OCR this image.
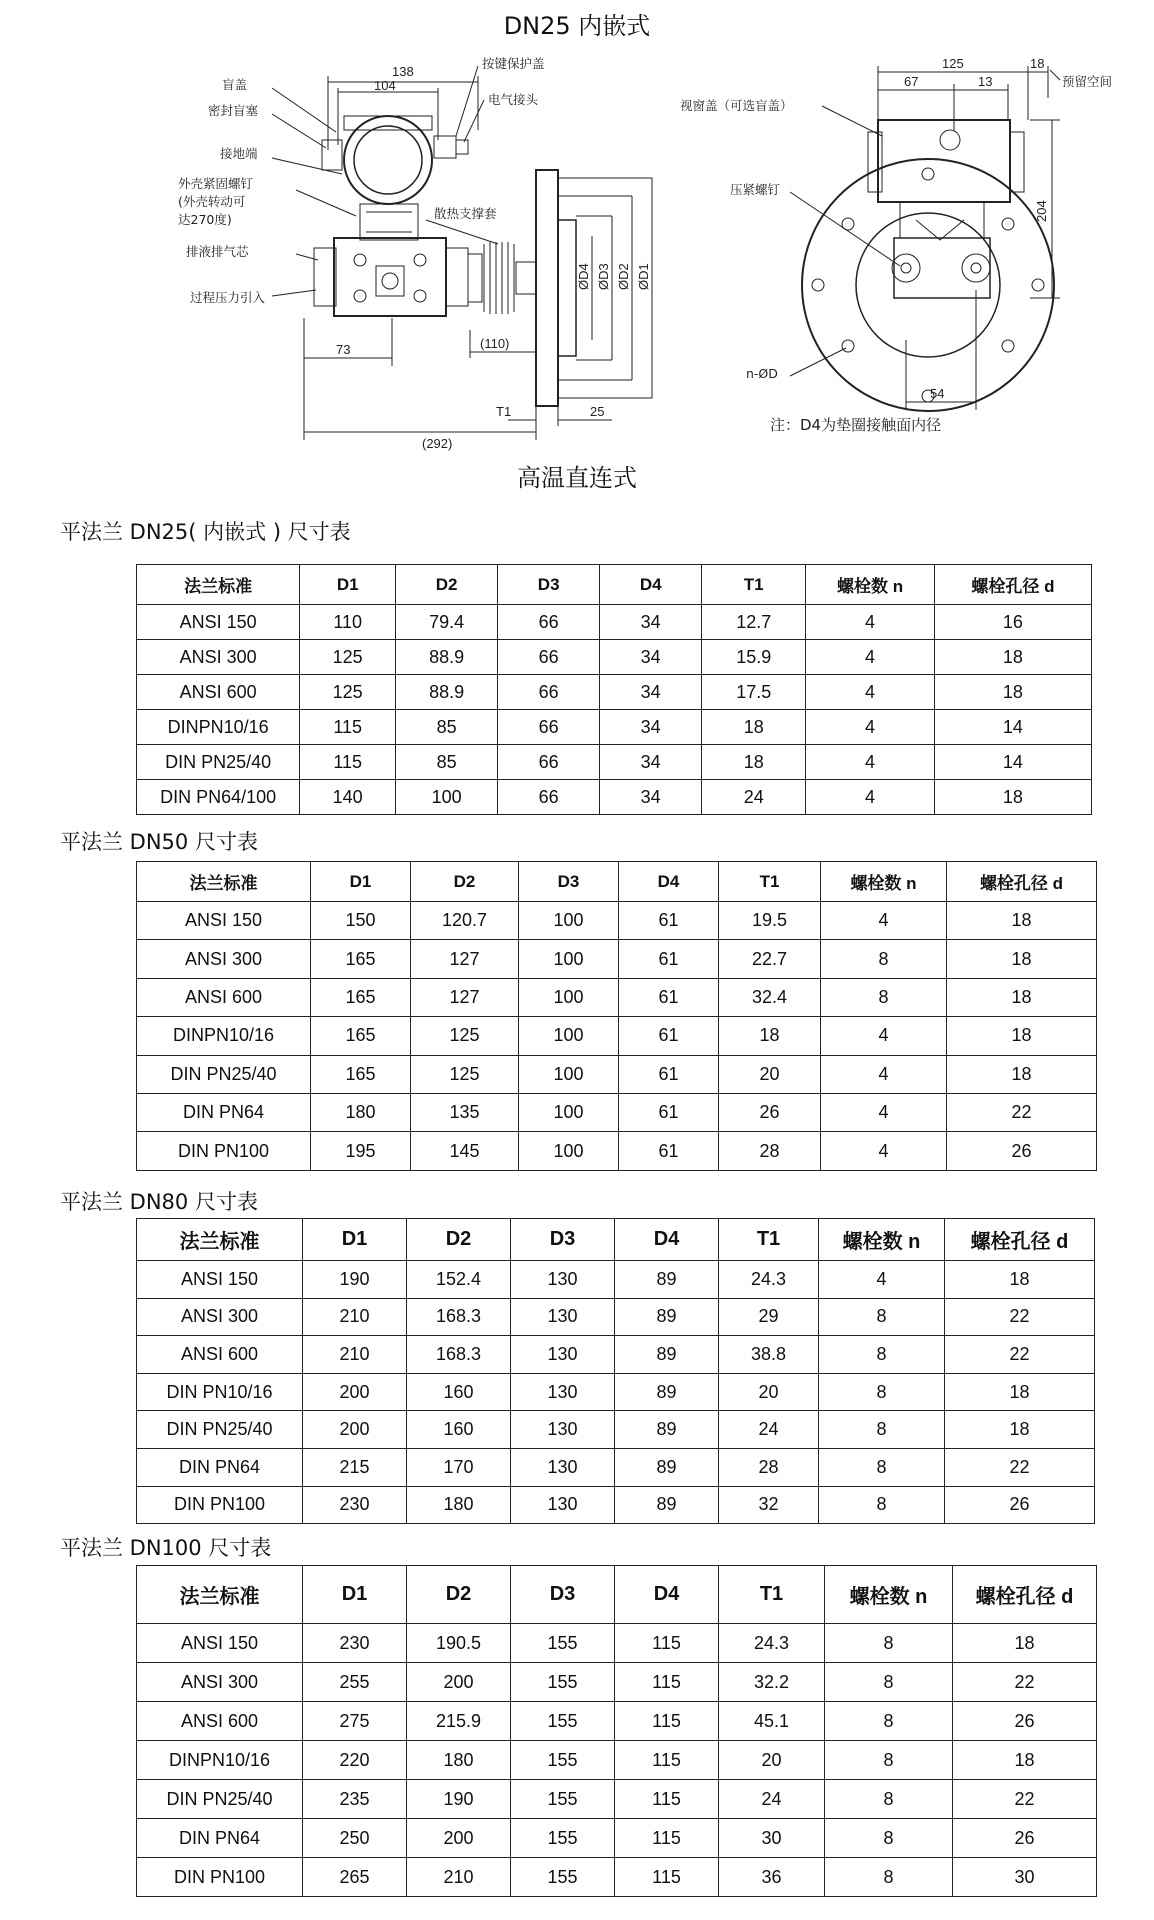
DN25 内嵌式
盲盖
密封盲塞
接地端
外壳紧固螺钉
(外壳转动可
达270度)
排液排气芯
过程压力引入
按键保护盖
电气接头
散热支撑套
138
104
73	(110)
T1	25
(292)
ØD4 ØD3 ØD2 ØD1
视窗盖（可选盲盖）
压紧螺钉
n-ØD
预留空间
125	18
67	13
204
54
注：D4为垫圈接触面内径
高温直连式
平法兰 DN25( 内嵌式 ) 尺寸表
法兰标准	D1	D2	D3	D4	T1	螺栓数 n	螺栓孔径 d
ANSI 150	110	79.4	66	34	12.7	4	16
ANSI 300	125	88.9	66	34	15.9	4	18
ANSI 600	125	88.9	66	34	17.5	4	18
DINPN10/16	115	85	66	34	18	4	14
DIN PN25/40	115	85	66	34	18	4	14
DIN PN64/100	140	100	66	34	24	4	18
平法兰 DN50 尺寸表
法兰标准	D1	D2	D3	D4	T1	螺栓数 n	螺栓孔径 d
ANSI 150	150	120.7	100	61	19.5	4	18
ANSI 300	165	127	100	61	22.7	8	18
ANSI 600	165	127	100	61	32.4	8	18
DINPN10/16	165	125	100	61	18	4	18
DIN PN25/40	165	125	100	61	20	4	18
DIN PN64	180	135	100	61	26	4	22
DIN PN100	195	145	100	61	28	4	26
平法兰 DN80 尺寸表
法兰标准	D1	D2	D3	D4	T1	螺栓数 n	螺栓孔径 d
ANSI 150	190	152.4	130	89	24.3	4	18
ANSI 300	210	168.3	130	89	29	8	22
ANSI 600	210	168.3	130	89	38.8	8	22
DIN PN10/16	200	160	130	89	20	8	18
DIN PN25/40	200	160	130	89	24	8	18
DIN PN64	215	170	130	89	28	8	22
DIN PN100	230	180	130	89	32	8	26
平法兰 DN100 尺寸表
法兰标准	D1	D2	D3	D4	T1	螺栓数 n	螺栓孔径 d
ANSI 150	230	190.5	155	115	24.3	8	18
ANSI 300	255	200	155	115	32.2	8	22
ANSI 600	275	215.9	155	115	45.1	8	26
DINPN10/16	220	180	155	115	20	8	18
DIN PN25/40	235	190	155	115	24	8	22
DIN PN64	250	200	155	115	30	8	26
DIN PN100	265	210	155	115	36	8	30
